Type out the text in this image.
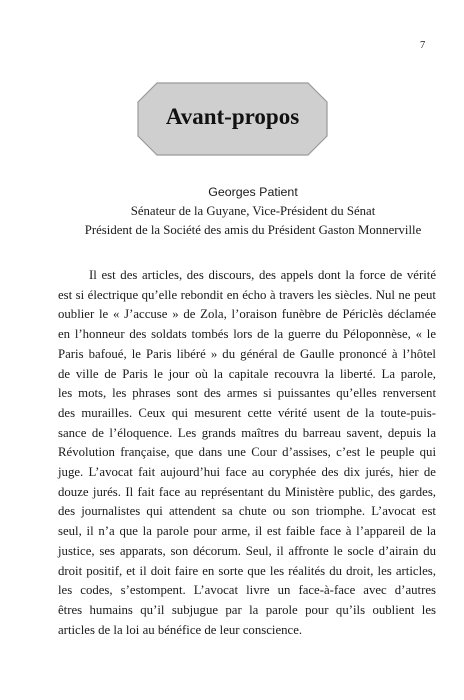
7
Avant-propos
Georges Patient
Sénateur de la Guyane, Vice-Président du Sénat
Président de la Société des amis du Président Gaston Monnerville
Il est des articles, des discours, des appels dont la force de vérité
est si électrique qu’elle rebondit en écho à travers les siècles. Nul ne peut
oublier le « J’accuse » de Zola, l’oraison funèbre de Périclès déclamée
en l’honneur des soldats tombés lors de la guerre du Péloponnèse, « le
Paris bafoué, le Paris libéré » du général de Gaulle prononcé à l’hôtel
de ville de Paris le jour où la capitale recouvra la liberté. La parole,
les mots, les phrases sont des armes si puissantes qu’elles renversent
des murailles. Ceux qui mesurent cette vérité usent de la toute-puis-
sance de l’éloquence. Les grands maîtres du barreau savent, depuis la
Révolution française, que dans une Cour d’assises, c’est le peuple qui
juge. L’avocat fait aujourd’hui face au coryphée des dix jurés, hier de
douze jurés. Il fait face au représentant du Ministère public, des gardes,
des journalistes qui attendent sa chute ou son triomphe. L’avocat est
seul, il n’a que la parole pour arme, il est faible face à l’appareil de la
justice, ses apparats, son décorum. Seul, il affronte le socle d’airain du
droit positif, et il doit faire en sorte que les réalités du droit, les articles,
les codes, s’estompent. L’avocat livre un face-à-face avec d’autres
êtres humains qu’il subjugue par la parole pour qu’ils oublient les
articles de la loi au bénéfice de leur conscience.
